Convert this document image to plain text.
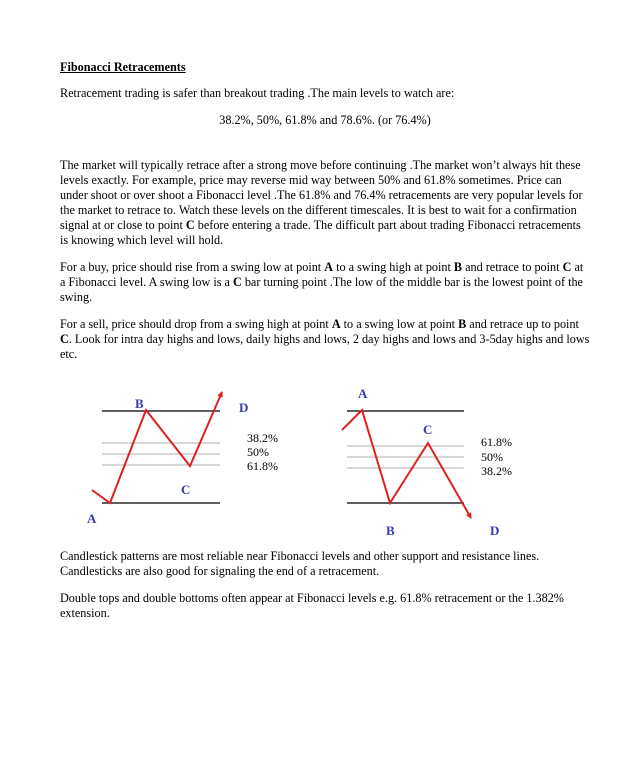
Fibonacci Retracements

Retracement trading is safer than breakout trading .The main levels to watch are:

38.2%, 50%, 61.8% and 78.6%. (or 76.4%)

The market will typically retrace after a strong move before continuing .The market won’t always hit these levels exactly. For example, price may reverse mid way between 50% and 61.8% sometimes. Price can under shoot or over shoot a Fibonacci level .The 61.8% and 76.4% retracements are very popular levels for the market to retrace to. Watch these levels on the different timescales. It is best to wait for a confirmation signal at or close to point C before entering a trade. The difficult part about trading Fibonacci retracements is knowing which level will hold.

For a buy, price should rise from a swing low at point A to a swing high at point B and retrace to point C at a Fibonacci level. A swing low is a C bar turning point .The low of the middle bar is the lowest point of the swing.

For a sell, price should drop from a swing high at point A to a swing low at point B and retrace up to point C. Look for intra day highs and lows, daily highs and lows, 2 day highs and lows and 3-5day highs and lows etc.

A
B
C
D
38.2%
50%
61.8%
A
B
C
D
61.8%
50%
38.2%

Candlestick patterns are most reliable near Fibonacci levels and other support and resistance lines. Candlesticks are also good for signaling the end of a retracement.

Double tops and double bottoms often appear at Fibonacci levels e.g. 61.8% retracement or the 1.382% extension.
